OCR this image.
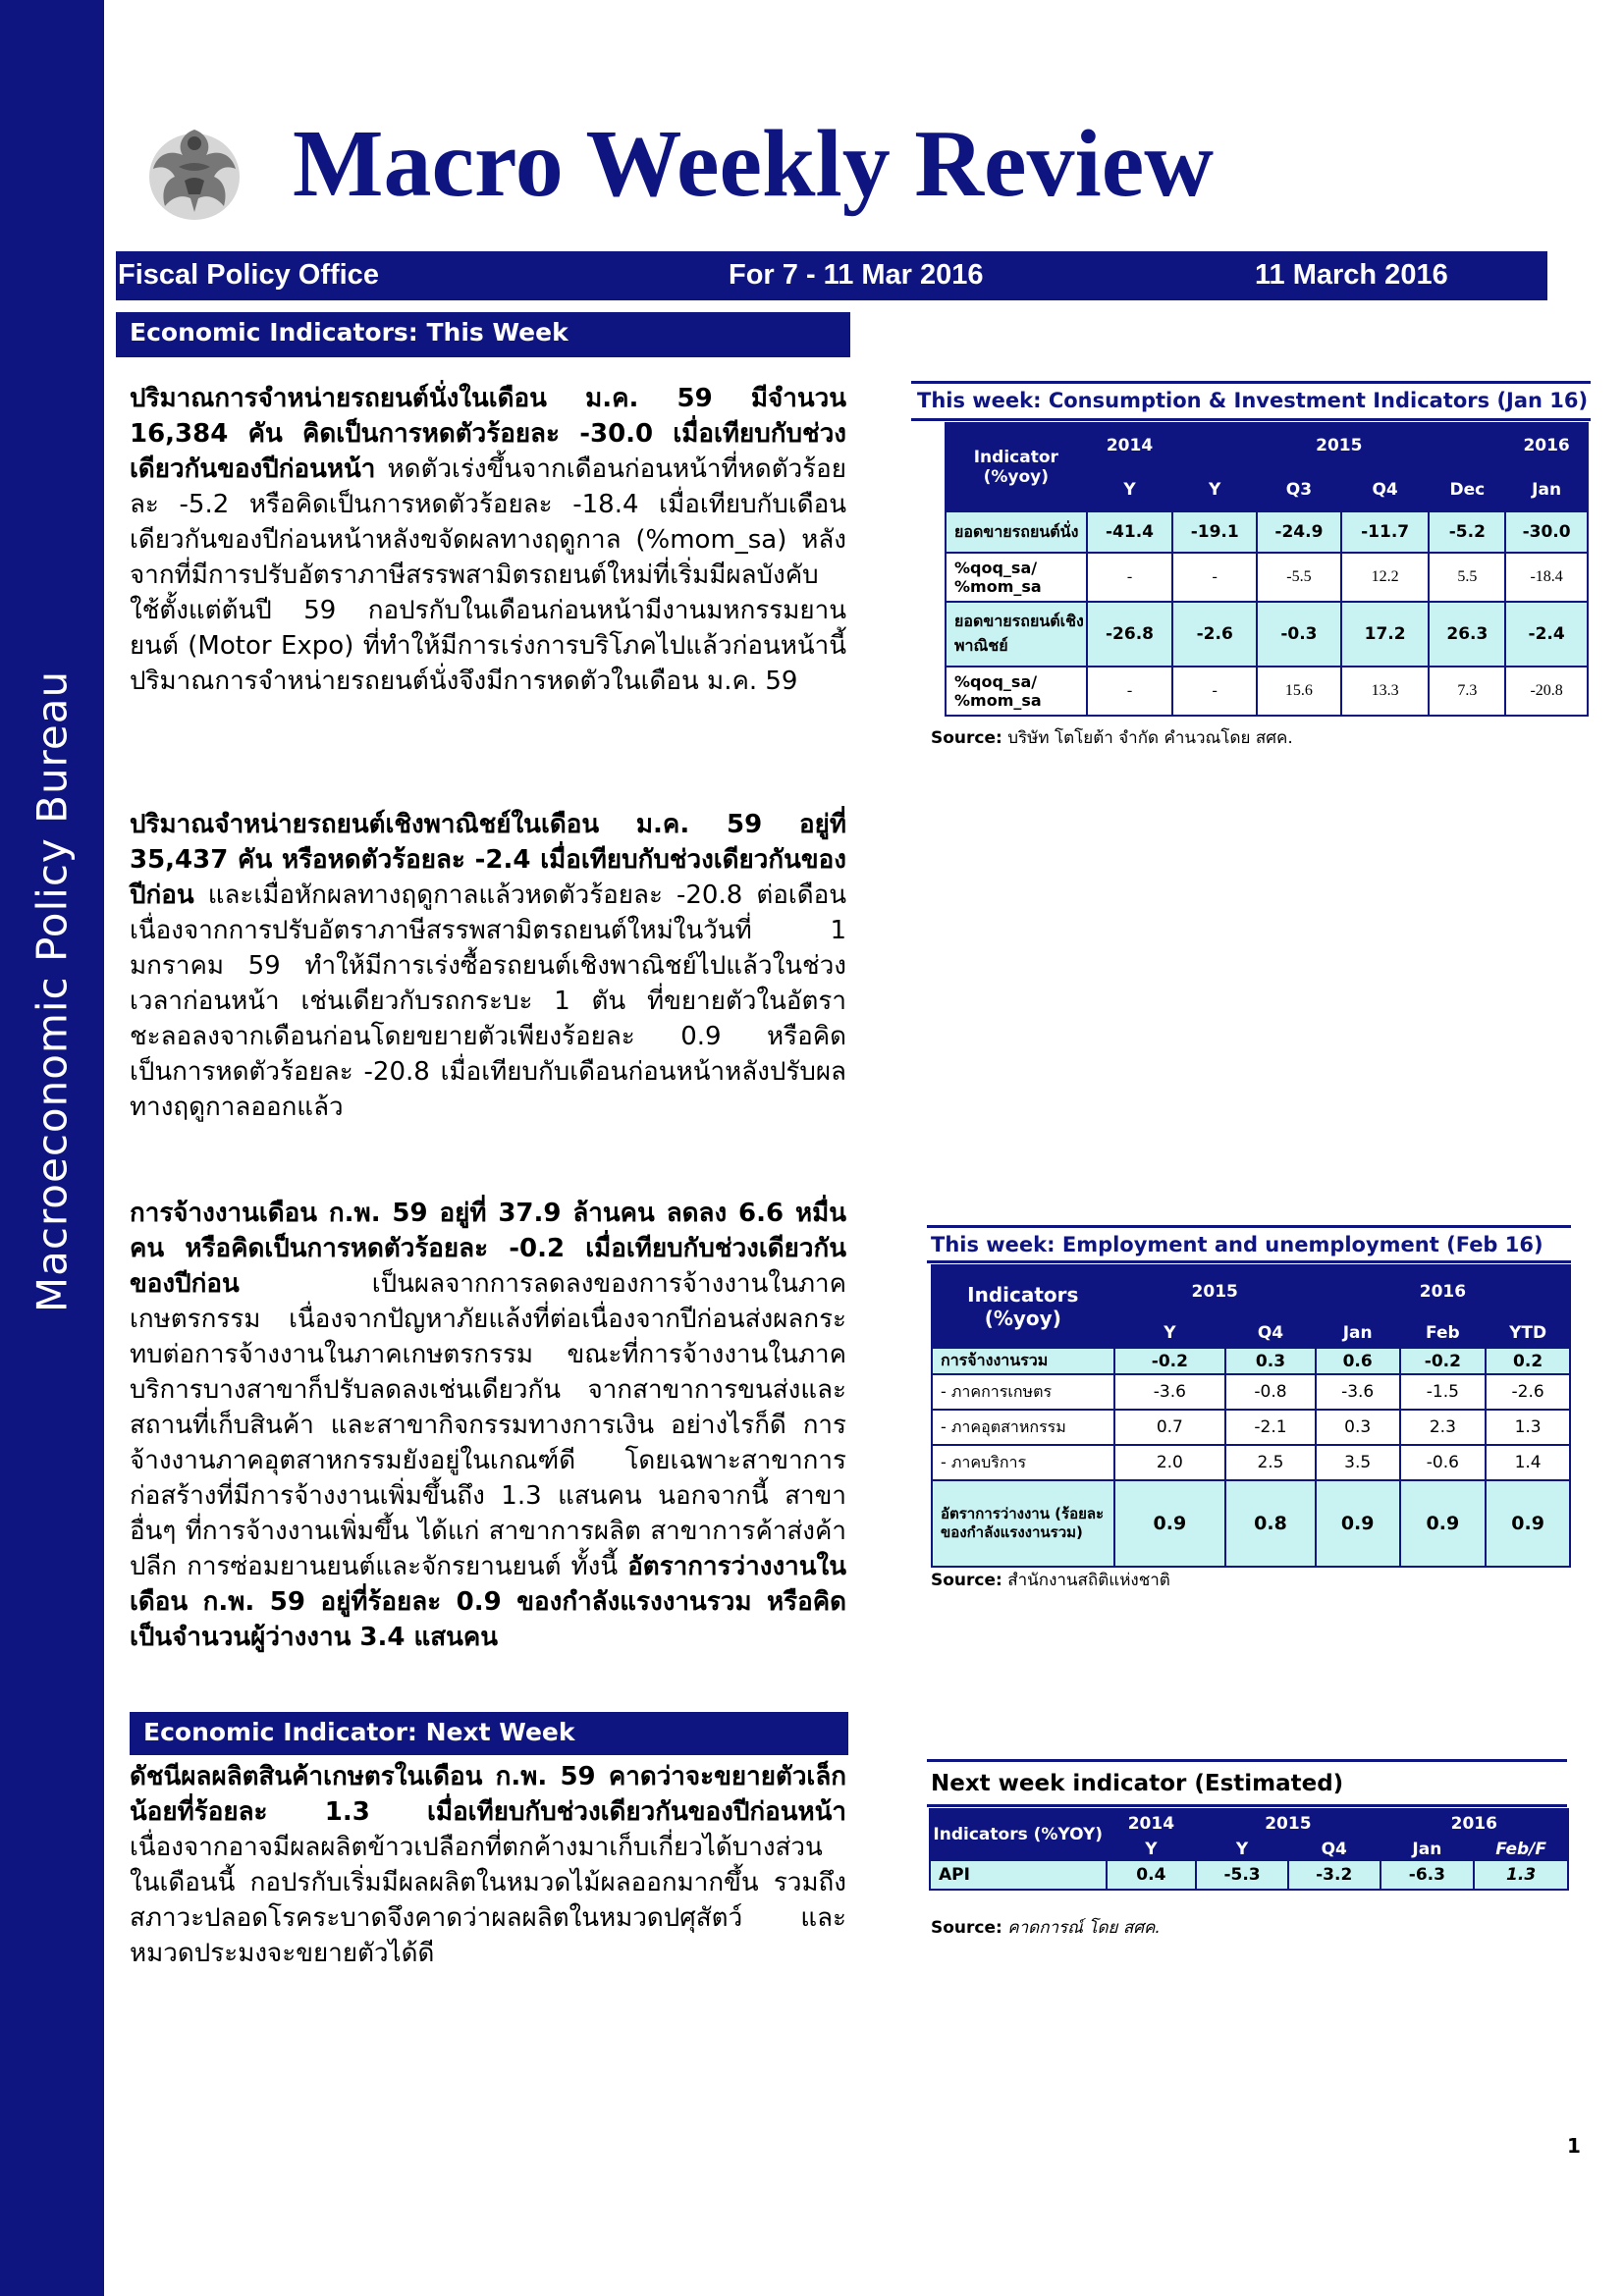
Macroeconomic Policy Bureau
Macro Weekly Review
Fiscal Policy Office	For 7 - 11 Mar 2016	11 March 2016
Economic Indicators: This Week

ปริมาณการจำหน่ายรถยนต์นั่งในเดือน ม.ค. 59 มีจำนวน 16,384 คัน คิดเป็นการหดตัวร้อยละ -30.0 เมื่อเทียบกับช่วงเดียวกันของปีก่อนหน้า หดตัวเร่งขึ้นจากเดือนก่อนหน้าที่หดตัวร้อยละ -5.2 หรือคิดเป็นการหดตัวร้อยละ -18.4 เมื่อเทียบกับเดือนเดียวกันของปีก่อนหน้าหลังขจัดผลทางฤดูกาล (%mom_sa) หลังจากที่มีการปรับอัตราภาษีสรรพสามิตรถยนต์ใหม่ที่เริ่มมีผลบังคับใช้ตั้งแต่ต้นปี 59 กอปรกับในเดือนก่อนหน้ามีงานมหกรรมยานยนต์ (Motor Expo) ที่ทำให้มีการเร่งการบริโภคไปแล้วก่อนหน้านี้ ปริมาณการจำหน่ายรถยนต์นั่งจึงมีการหดตัวในเดือน ม.ค. 59

ปริมาณจำหน่ายรถยนต์เชิงพาณิชย์ในเดือน ม.ค. 59 อยู่ที่ 35,437 คัน หรือหดตัวร้อยละ -2.4 เมื่อเทียบกับช่วงเดียวกันของปีก่อน และเมื่อหักผลทางฤดูกาลแล้วหดตัวร้อยละ -20.8 ต่อเดือน เนื่องจากการปรับอัตราภาษีสรรพสามิตรถยนต์ใหม่ในวันที่ 1 มกราคม 59 ทำให้มีการเร่งซื้อรถยนต์เชิงพาณิชย์ไปแล้วในช่วงเวลาก่อนหน้า เช่นเดียวกับรถกระบะ 1 ตัน ที่ขยายตัวในอัตราชะลอลงจากเดือนก่อนโดยขยายตัวเพียงร้อยละ 0.9 หรือคิดเป็นการหดตัวร้อยละ -20.8 เมื่อเทียบกับเดือนก่อนหน้าหลังปรับผลทางฤดูกาลออกแล้ว

การจ้างงานเดือน ก.พ. 59 อยู่ที่ 37.9 ล้านคน ลดลง 6.6 หมื่นคน หรือคิดเป็นการหดตัวร้อยละ -0.2 เมื่อเทียบกับช่วงเดียวกันของปีก่อน เป็นผลจากการลดลงของการจ้างงานในภาคเกษตรกรรม เนื่องจากปัญหาภัยแล้งที่ต่อเนื่องจากปีก่อนส่งผลกระทบต่อการจ้างงานในภาคเกษตรกรรม ขณะที่การจ้างงานในภาคบริการบางสาขาก็ปรับลดลงเช่นเดียวกัน จากสาขาการขนส่งและสถานที่เก็บสินค้า และสาขากิจกรรมทางการเงิน อย่างไรก็ดี การจ้างงานภาคอุตสาหกรรมยังอยู่ในเกณฑ์ดี โดยเฉพาะสาขาการก่อสร้างที่มีการจ้างงานเพิ่มขึ้นถึง 1.3 แสนคน นอกจากนี้ สาขาอื่นๆ ที่การจ้างงานเพิ่มขึ้น ได้แก่ สาขาการผลิต สาขาการค้าส่งค้าปลีก การซ่อมยานยนต์และจักรยานยนต์ ทั้งนี้ อัตราการว่างงานในเดือน ก.พ. 59 อยู่ที่ร้อยละ 0.9 ของกำลังแรงงานรวม หรือคิดเป็นจำนวนผู้ว่างงาน 3.4 แสนคน

Economic Indicator: Next Week

ดัชนีผลผลิตสินค้าเกษตรในเดือน ก.พ. 59 คาดว่าจะขยายตัวเล็กน้อยที่ร้อยละ 1.3 เมื่อเทียบกับช่วงเดียวกันของปีก่อนหน้า เนื่องจากอาจมีผลผลิตข้าวเปลือกที่ตกค้างมาเก็บเกี่ยวได้บางส่วนในเดือนนี้ กอปรกับเริ่มมีผลผลิตในหมวดไม้ผลออกมากขึ้น รวมถึงสภาวะปลอดโรคระบาดจึงคาดว่าผลผลิตในหมวดปศุสัตว์ และหมวดประมงจะขยายตัวได้ดี

This week: Consumption & Investment Indicators (Jan 16)
Indicator (%yoy)	2014	2015				2016
	Y	Y	Q3	Q4	Dec	Jan
ยอดขายรถยนต์นั่ง	-41.4	-19.1	-24.9	-11.7	-5.2	-30.0
%qoq_sa/ %mom_sa	-	-	-5.5	12.2	5.5	-18.4
ยอดขายรถยนต์เชิงพาณิชย์	-26.8	-2.6	-0.3	17.2	26.3	-2.4
%qoq_sa/ %mom_sa	-	-	15.6	13.3	7.3	-20.8
Source: บริษัท โตโยต้า จำกัด คำนวณโดย สศค.
This week: Employment and unemployment (Feb 16)
Indicators (%yoy)	2015		2016		
	Y	Q4	Jan	Feb	YTD
การจ้างงานรวม	-0.2	0.3	0.6	-0.2	0.2
- ภาคการเกษตร	-3.6	-0.8	-3.6	-1.5	-2.6
- ภาคอุตสาหกรรม	0.7	-2.1	0.3	2.3	1.3
- ภาคบริการ	2.0	2.5	3.5	-0.6	1.4
อัตราการว่างงาน (ร้อยละของกำลังแรงงานรวม)	0.9	0.8	0.9	0.9	0.9
Source: สำนักงานสถิติแห่งชาติ
Next week indicator (Estimated)
Indicators (%YOY)	2014	2015		2016	
	Y	Y	Q4	Jan	Feb/F
API	0.4	-5.3	-3.2	-6.3	1.3
Source: คาดการณ์ โดย สศค.
1
